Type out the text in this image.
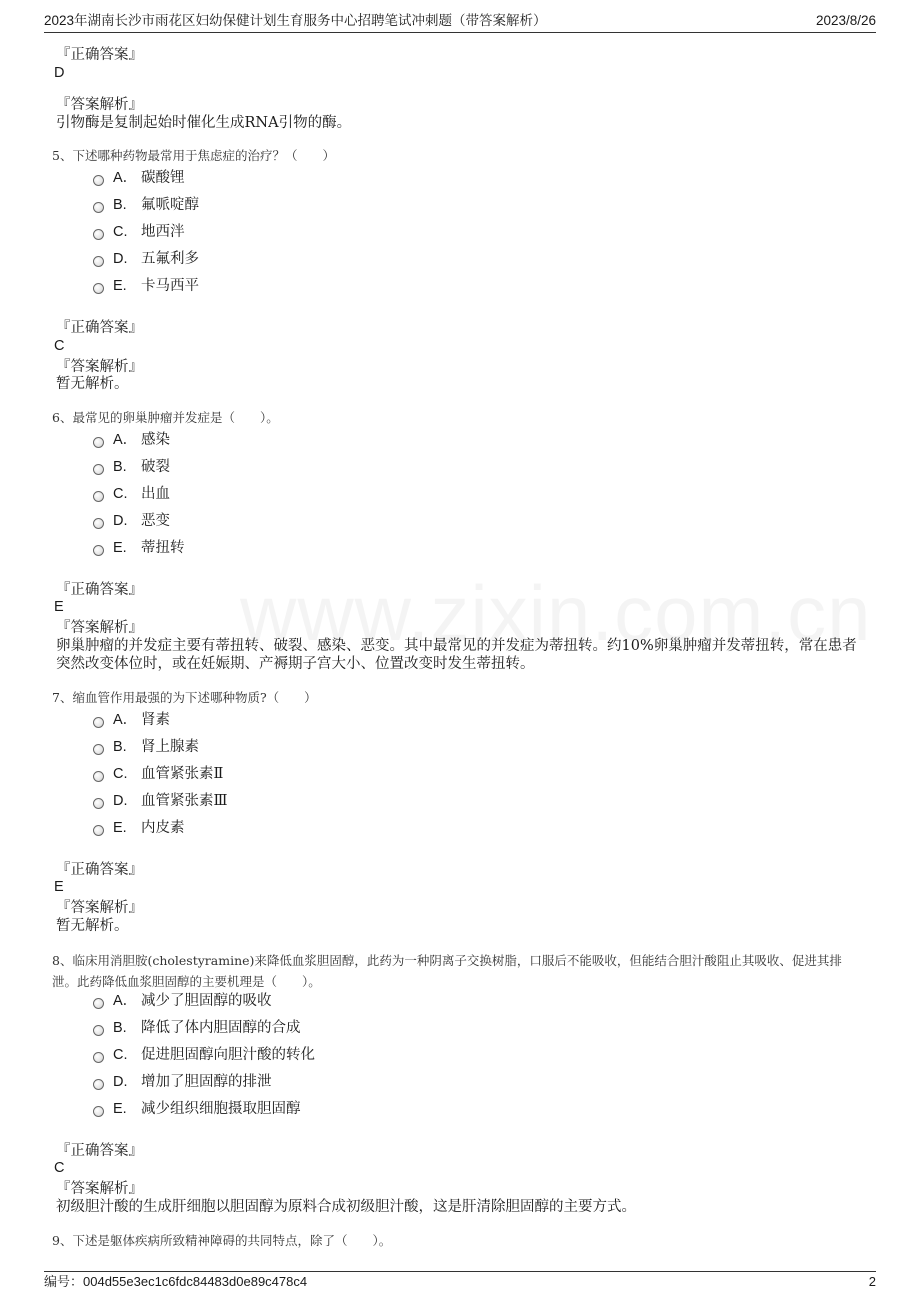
2023年湖南长沙市雨花区妇幼保健计划生育服务中心招聘笔试冲刺题（带答案解析）	2023/8/26
『正确答案』
D
『答案解析』
引物酶是复制起始时催化生成RNA引物的酶。
5、下述哪种药物最常用于焦虑症的治疗？（　　）
A． 碳酸锂
B. 氟哌啶醇
C. 地西泮
D. 五氟利多
E. 卡马西平
『正确答案』
C
『答案解析』
暂无解析。
6、最常见的卵巢肿瘤并发症是（　　）。
A． 感染
B. 破裂
C. 出血
D. 恶变
E. 蒂扭转
『正确答案』
E
『答案解析』
卵巢肿瘤的并发症主要有蒂扭转、破裂、感染、恶变。其中最常见的并发症为蒂扭转。约10%卵巢肿瘤并发蒂扭转，常在患者突然改变体位时，或在妊娠期、产褥期子宫大小、位置改变时发生蒂扭转。
7、缩血管作用最强的为下述哪种物质?（　　）
A． 肾素
B. 肾上腺素
C. 血管紧张素Ⅱ
D. 血管紧张素Ⅲ
E. 内皮素
『正确答案』
E
『答案解析』
暂无解析。
8、临床用消胆胺(cholestyramine)来降低血浆胆固醇，此药为一种阴离子交换树脂，口服后不能吸收，但能结合胆汁酸阻止其吸收、促进其排泄。此药降低血浆胆固醇的主要机理是（　　）。
A． 减少了胆固醇的吸收
B. 降低了体内胆固醇的合成
C. 促进胆固醇向胆汁酸的转化
D. 增加了胆固醇的排泄
E. 减少组织细胞摄取胆固醇
『正确答案』
C
『答案解析』
初级胆汁酸的生成肝细胞以胆固醇为原料合成初级胆汁酸，这是肝清除胆固醇的主要方式。
9、下述是躯体疾病所致精神障碍的共同特点，除了（　　）。
编号：004d55e3ec1c6fdc84483d0e89c478c4	2
